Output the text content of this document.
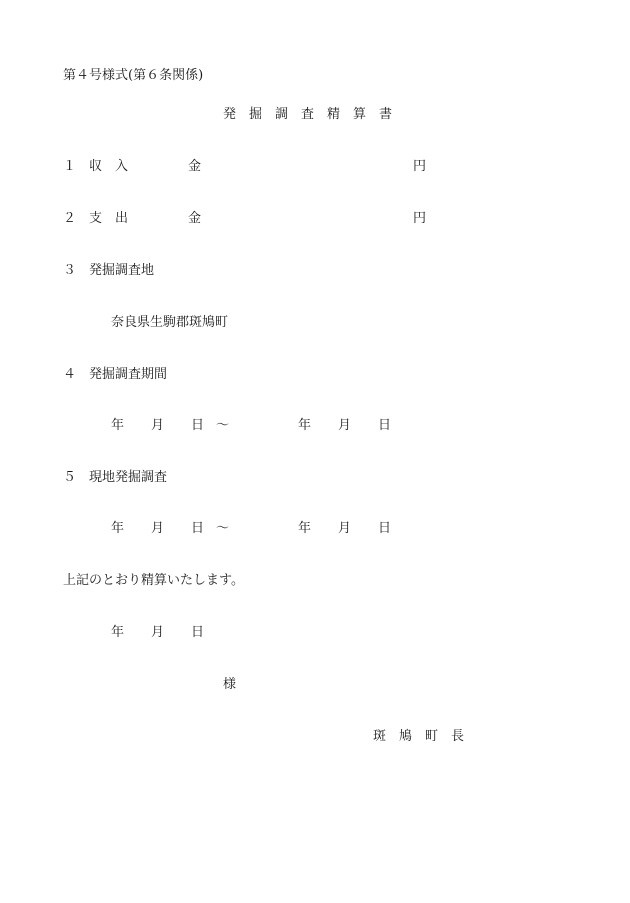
第４号様式(第６条関係)
発　掘　調　査　精　算　書
１　収　入	金	円
２　支　出	金	円
３　発掘調査地
奈良県生駒郡斑鳩町
４　発掘調査期間
年 月 日 ～	年 月 日
５　現地発掘調査
年 月 日 ～	年 月 日
上記のとおり精算いたします。
年 月 日
様
斑　鳩　町　長
